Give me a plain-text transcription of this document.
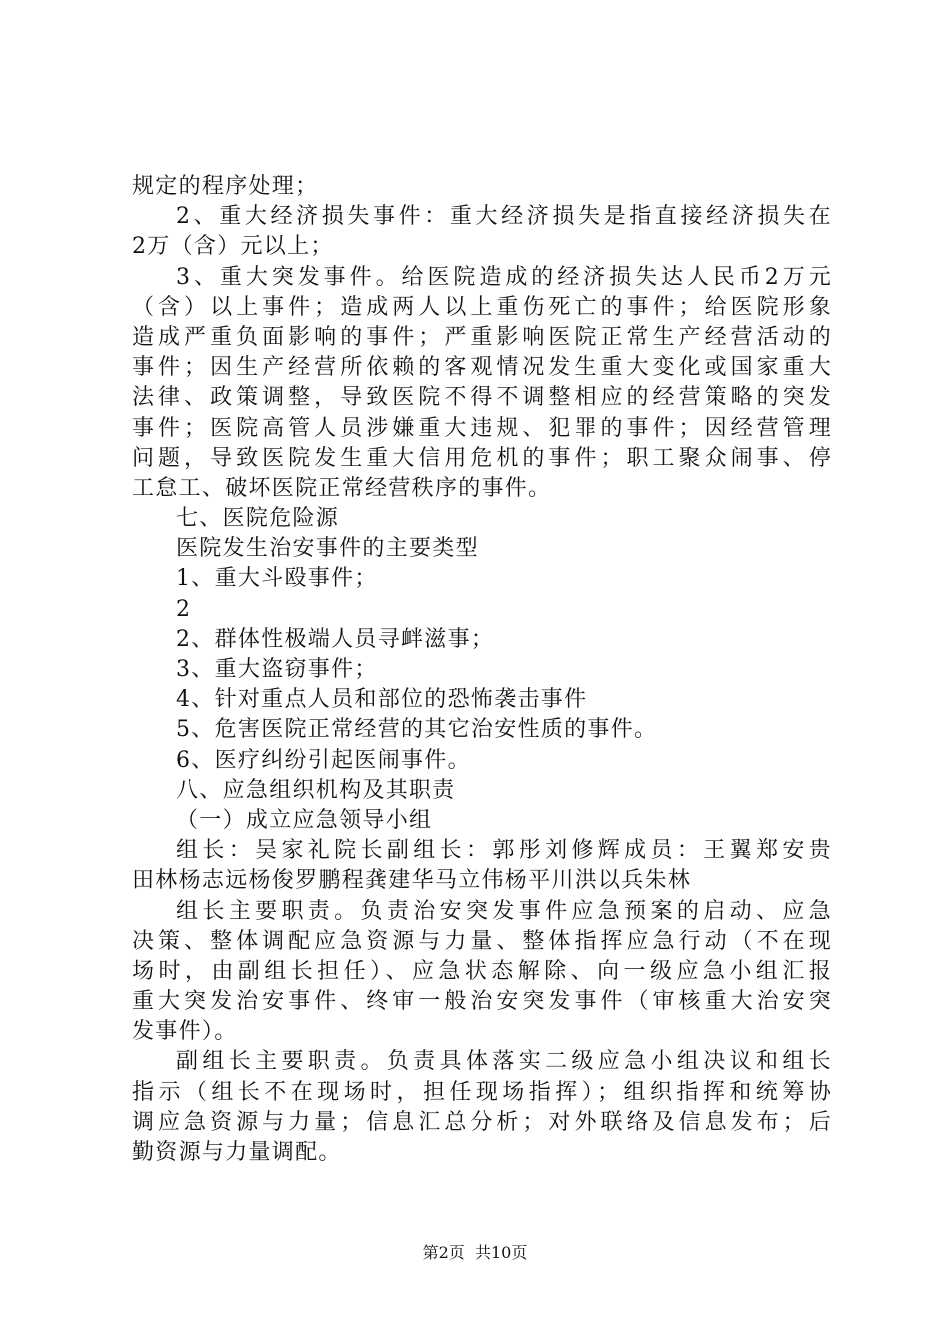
规定的程序处理；
2、重大经济损失事件：重大经济损失是指直接经济损失在
2万（含）元以上；
3、重大突发事件。给医院造成的经济损失达人民币2万元
（含）以上事件；造成两人以上重伤死亡的事件；给医院形象
造成严重负面影响的事件；严重影响医院正常生产经营活动的
事件；因生产经营所依赖的客观情况发生重大变化或国家重大
法律、政策调整，导致医院不得不调整相应的经营策略的突发
事件；医院高管人员涉嫌重大违规、犯罪的事件；因经营管理
问题，导致医院发生重大信用危机的事件；职工聚众闹事、停
工怠工、破坏医院正常经营秩序的事件。
七、医院危险源
医院发生治安事件的主要类型
1、重大斗殴事件；
2
2、群体性极端人员寻衅滋事；
3、重大盗窃事件；
4、针对重点人员和部位的恐怖袭击事件
5、危害医院正常经营的其它治安性质的事件。
6、医疗纠纷引起医闹事件。
八、应急组织机构及其职责
（一）成立应急领导小组
组长：吴家礼院长副组长：郭彤刘修辉成员：王翼郑安贵
田林杨志远杨俊罗鹏程龚建华马立伟杨平川洪以兵朱林
组长主要职责。负责治安突发事件应急预案的启动、应急
决策、整体调配应急资源与力量、整体指挥应急行动（不在现
场时，由副组长担任）、应急状态解除、向一级应急小组汇报
重大突发治安事件、终审一般治安突发事件（审核重大治安突
发事件）。
副组长主要职责。负责具体落实二级应急小组决议和组长
指示（组长不在现场时，担任现场指挥）；组织指挥和统筹协
调应急资源与力量；信息汇总分析；对外联络及信息发布；后
勤资源与力量调配。
第2页 共10页
